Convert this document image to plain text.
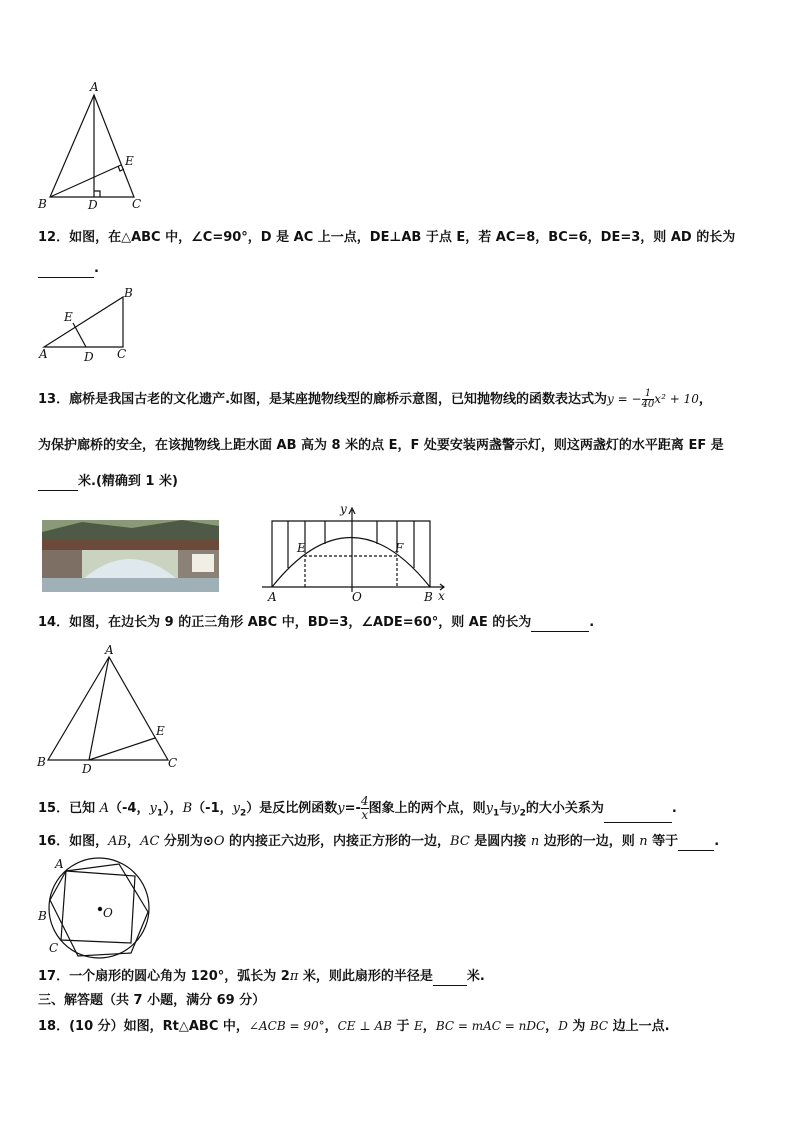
A
B	D	C
E
12．如图，在△ABC 中，∠C=90°，D 是 AC 上一点，DE⊥AB 于点 E，若 AC=8，BC=6，DE=3，则 AD 的长为
.
B
E
A	D C
13．廊桥是我国古老的文化遗产.如图，是某座抛物线型的廊桥示意图，已知抛物线的函数表达式为y = − $\frac{1}{40} x^2 + 10$，
为保护廊桥的安全，在该抛物线上距水面 AB 高为 8 米的点 E，F 处要安装两盏警示灯，则这两盏灯的水平距离 EF 是
米.(精确到 1 米)
y
E	F
A	O	B x
14．如图，在边长为 9 的正三角形 ABC 中，BD=3，∠ADE=60°，则 AE 的长为	.
A
E
B	D	C
15．已知 A（-4，$y_1$），B（-1，$y_2$）是反比例函数$y=- \frac{4}{x}$ 图象上的两个点，则$y_1$与$y_2$的大小关系为	.
16．如图，AB，AC 分别为⊙O 的内接正六边形，内接正方形的一边，BC 是圆内接 n 边形的一边，则 n 等于	.
A
B	O
C
17．一个扇形的圆心角为 120°，弧长为 2π 米，则此扇形的半径是	米.
三、解答题（共 7 小题，满分 69 分）
18．(10 分）如图，Rt△ABC 中，∠ACB = 90°，CE ⊥ AB 于 E，BC = mAC = nDC，D 为 BC 边上一点.
